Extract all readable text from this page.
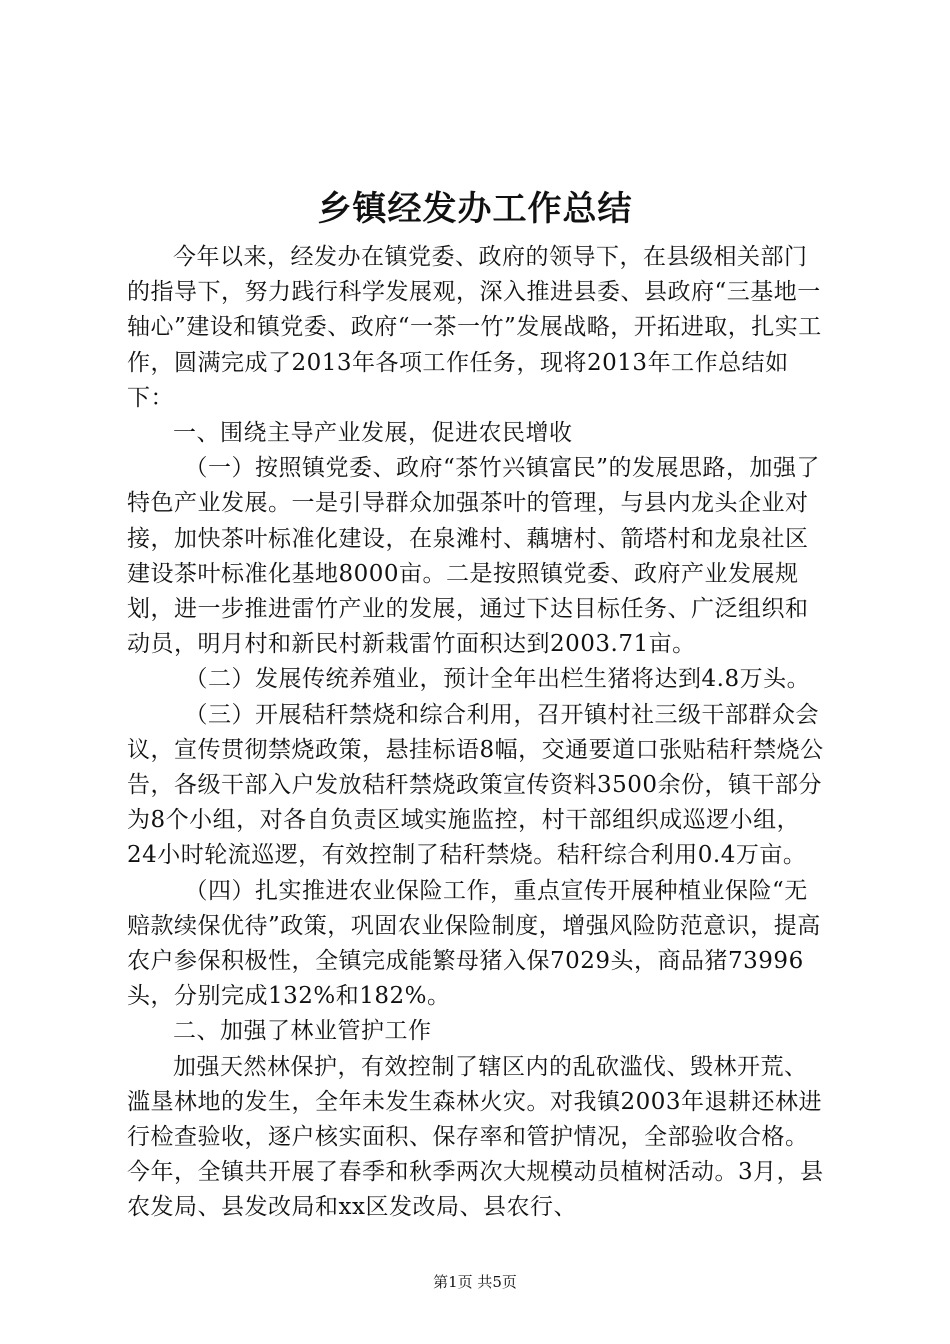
乡镇经发办工作总结

今年以来，经发办在镇党委、政府的领导下，在县级相关部门的指导下，努力践行科学发展观，深入推进县委、县政府“三基地一轴心”建设和镇党委、政府“一茶一竹”发展战略，开拓进取，扎实工作，圆满完成了2013年各项工作任务，现将2013年工作总结如下：

一、围绕主导产业发展，促进农民增收

（一）按照镇党委、政府“茶竹兴镇富民”的发展思路，加强了特色产业发展。一是引导群众加强茶叶的管理，与县内龙头企业对接，加快茶叶标准化建设，在泉滩村、藕塘村、箭塔村和龙泉社区建设茶叶标准化基地8000亩。二是按照镇党委、政府产业发展规划，进一步推进雷竹产业的发展，通过下达目标任务、广泛组织和动员，明月村和新民村新栽雷竹面积达到2003.71亩。

（二）发展传统养殖业，预计全年出栏生猪将达到4.8万头。

（三）开展秸秆禁烧和综合利用，召开镇村社三级干部群众会议，宣传贯彻禁烧政策，悬挂标语8幅，交通要道口张贴秸秆禁烧公告，各级干部入户发放秸秆禁烧政策宣传资料3500余份，镇干部分为8个小组，对各自负责区域实施监控，村干部组织成巡逻小组，24小时轮流巡逻，有效控制了秸秆禁烧。秸秆综合利用0.4万亩。

（四）扎实推进农业保险工作，重点宣传开展种植业保险“无赔款续保优待”政策，巩固农业保险制度，增强风险防范意识，提高农户参保积极性，全镇完成能繁母猪入保7029头，商品猪73996头，分别完成132%和182%。

二、加强了林业管护工作

加强天然林保护，有效控制了辖区内的乱砍滥伐、毁林开荒、滥垦林地的发生，全年未发生森林火灾。对我镇2003年退耕还林进行检查验收，逐户核实面积、保存率和管护情况，全部验收合格。今年，全镇共开展了春季和秋季两次大规模动员植树活动。3月，县农发局、县发改局和xx区发改局、县农行、

第1页 共5页
